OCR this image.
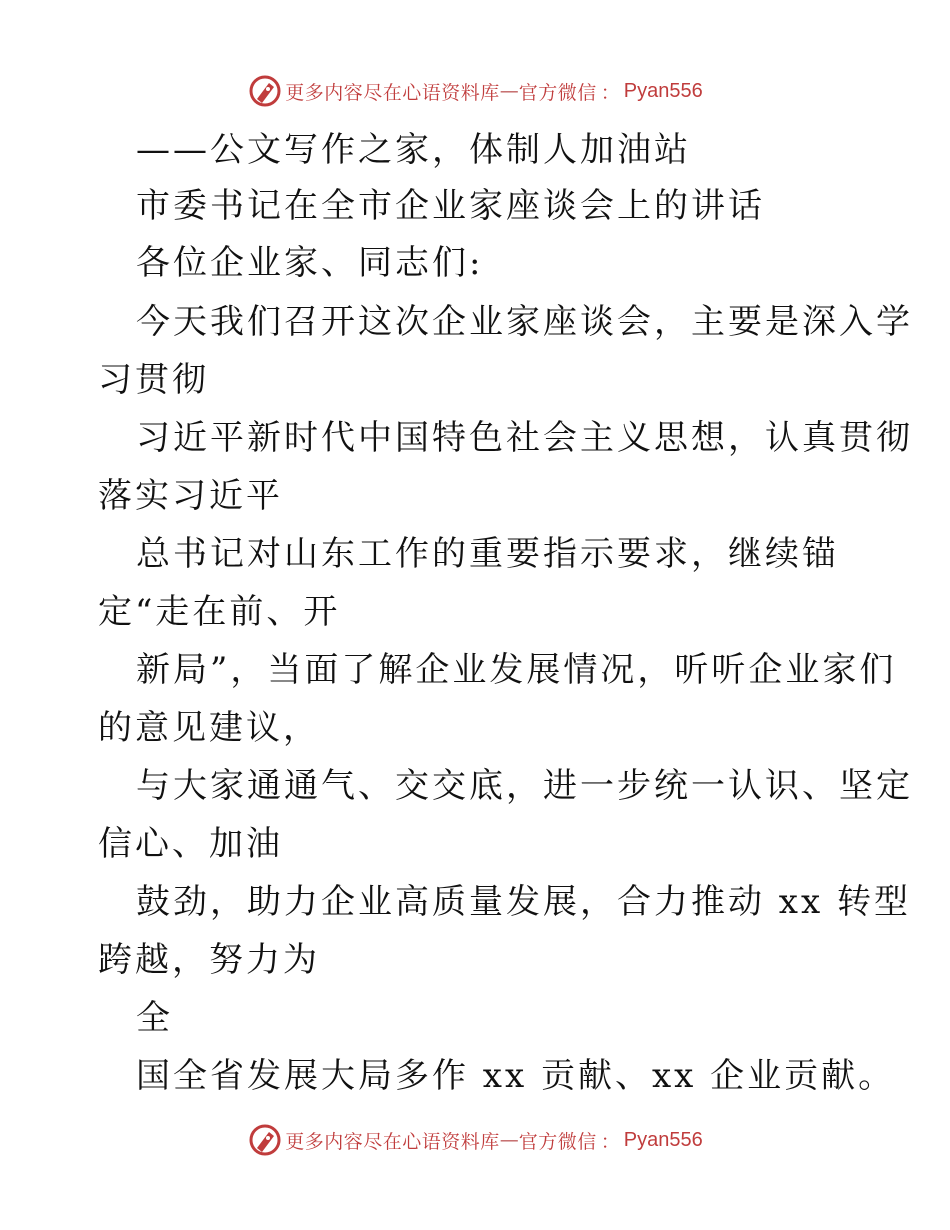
更多内容尽在心语资料库 — 官方微信 ： Pyan556
——公文写作之家，体制人加油站
市委书记在全市企业家座谈会上的讲话
各位企业家、同志们:
今天我们召开这次企业家座谈会，主要是深入学
习贯彻
习近平新时代中国特色社会主义思想，认真贯彻
落实习近平
总书记对山东工作的重要指示要求，继续锚
定“走在前、开
新局”，当面了解企业发展情况，听听企业家们
的意见建议，
与大家通通气、交交底，进一步统一认识、坚定
信心、加油
鼓劲，助力企业高质量发展，合力推动 xx 转型
跨越，努力为
全
国全省发展大局多作 xx 贡献、xx 企业贡献。
更多内容尽在心语资料库 — 官方微信 ： Pyan556
